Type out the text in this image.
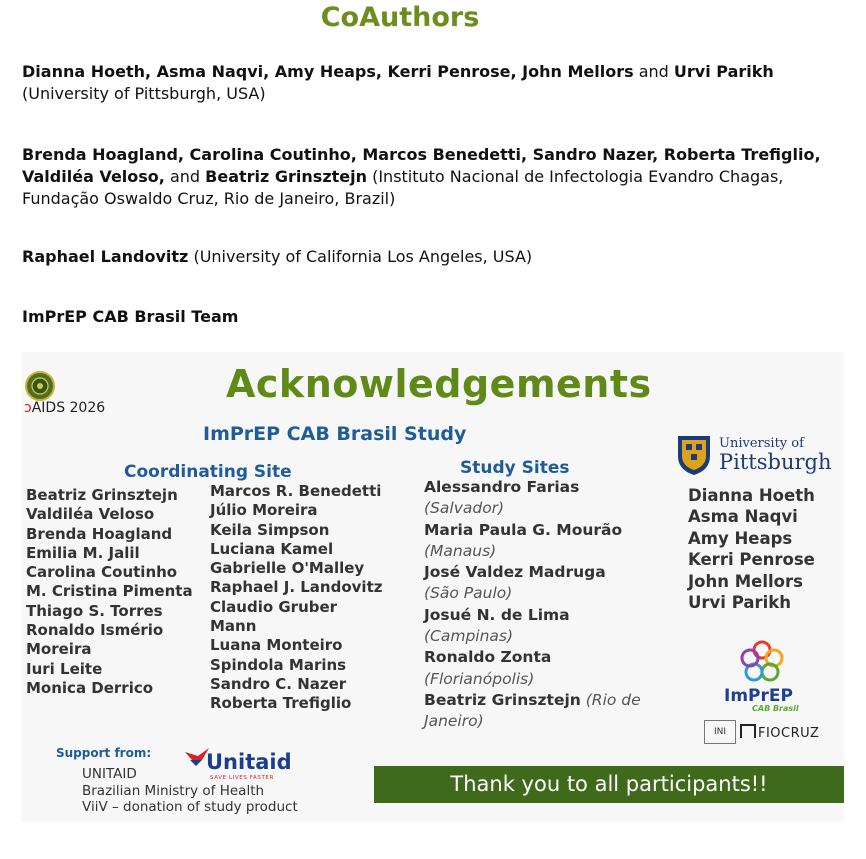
CoAuthors
Dianna Hoeth, Asma Naqvi, Amy Heaps, Kerri Penrose, John Mellors and Urvi Parikh (University of Pittsburgh, USA)
Brenda Hoagland, Carolina Coutinho, Marcos Benedetti, Sandro Nazer, Roberta Trefiglio, Valdiléa Veloso, and Beatriz Grinsztejn (Instituto Nacional de Infectologia Evandro Chagas, Fundação Oswaldo Cruz, Rio de Janeiro, Brazil)
Raphael Landovitz (University of California Los Angeles, USA)
ImPrEP CAB Brasil Team
ↄAIDS 2026
Acknowledgements
ImPrEP CAB Brasil Study
Coordinating Site
Beatriz Grinsztejn
Valdiléa Veloso
Brenda Hoagland
Emilia M. Jalil
Carolina Coutinho
M. Cristina Pimenta
Thiago S. Torres
Ronaldo Ismério
Moreira
Iuri Leite
Monica Derrico
Marcos R. Benedetti
Júlio Moreira
Keila Simpson
Luciana Kamel
Gabrielle O'Malley
Raphael J. Landovitz
Claudio Gruber
Mann
Luana Monteiro
Spindola Marins
Sandro C. Nazer
Roberta Trefiglio
Study Sites
Alessandro Farias
(Salvador)
Maria Paula G. Mourão
(Manaus)
José Valdez Madruga
(São Paulo)
Josué N. de Lima
(Campinas)
Ronaldo Zonta
(Florianópolis)
Beatriz Grinsztejn (Rio de Janeiro)
University of
Pittsburgh
Dianna Hoeth
Asma Naqvi
Amy Heaps
Kerri Penrose
John Mellors
Urvi Parikh
ImPrEP
CAB Brasil
INI	FIOCRUZ
Support from:	Unitaid
SAVE LIVES FASTER
UNITAID
Brazilian Ministry of Health
ViiV – donation of study product
Thank you to all participants!!
